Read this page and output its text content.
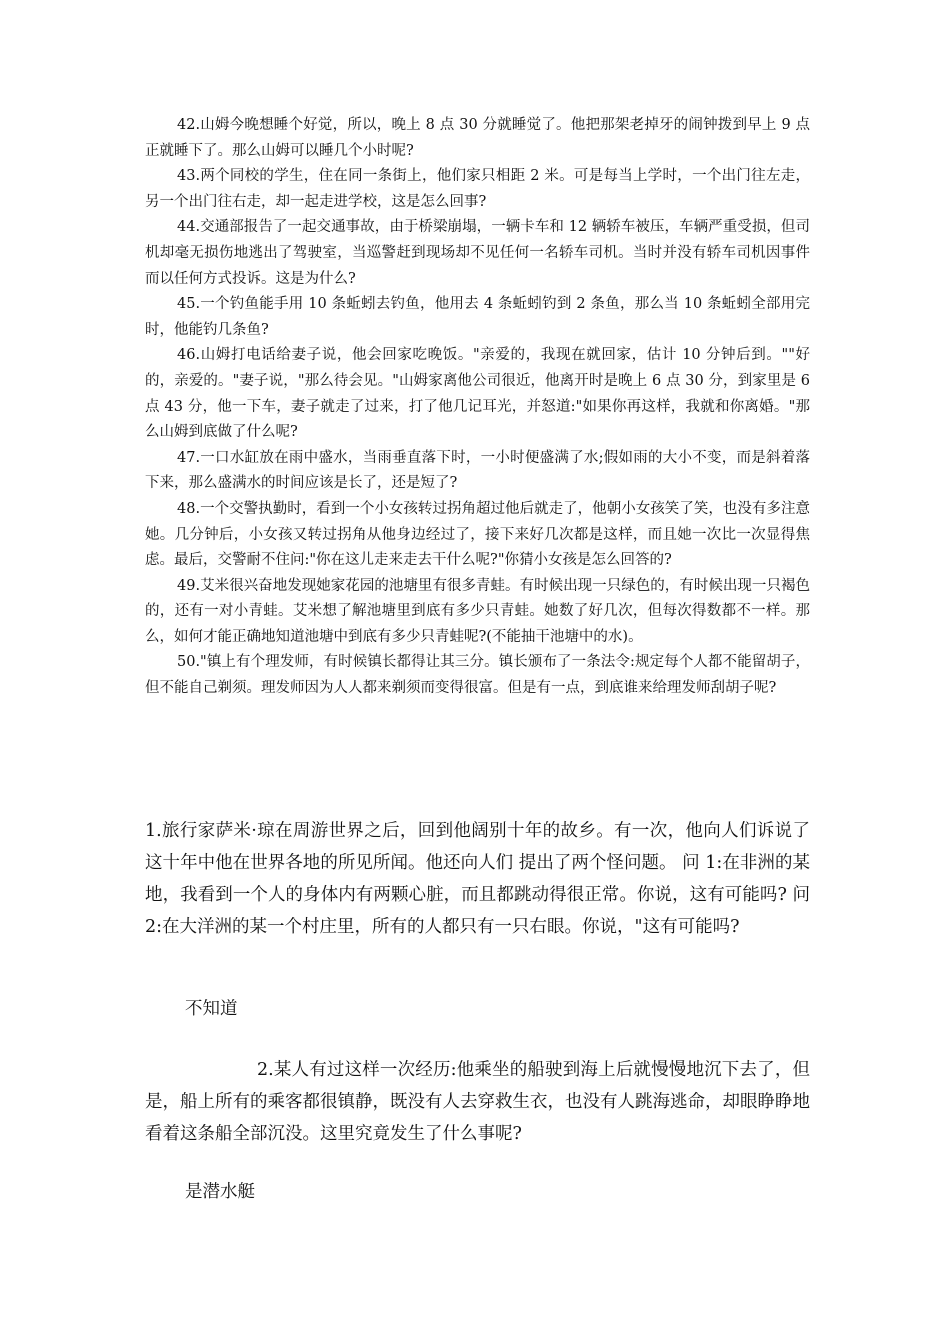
42.山姆今晚想睡个好觉，所以，晚上 8 点 30 分就睡觉了。他把那架老掉牙的闹钟拨到早上 9 点正就睡下了。那么山姆可以睡几个小时呢?

43.两个同校的学生，住在同一条街上，他们家只相距 2 米。可是每当上学时，一个出门往左走，另一个出门往右走，却一起走进学校，这是怎么回事?

44.交通部报告了一起交通事故，由于桥梁崩塌，一辆卡车和 12 辆轿车被压，车辆严重受损，但司机却毫无损伤地逃出了驾驶室，当巡警赶到现场却不见任何一名轿车司机。当时并没有轿车司机因事件而以任何方式投诉。这是为什么?

45.一个钓鱼能手用 10 条蚯蚓去钓鱼，他用去 4 条蚯蚓钓到 2 条鱼，那么当 10 条蚯蚓全部用完时，他能钓几条鱼?

46.山姆打电话给妻子说，他会回家吃晚饭。"亲爱的，我现在就回家，估计 10 分钟后到。""好的，亲爱的。"妻子说，"那么待会见。"山姆家离他公司很近，他离开时是晚上 6 点 30 分，到家里是 6 点 43 分，他一下车，妻子就走了过来，打了他几记耳光，并怒道:"如果你再这样，我就和你离婚。"那么山姆到底做了什么呢?

47.一口水缸放在雨中盛水，当雨垂直落下时，一小时便盛满了水;假如雨的大小不变，而是斜着落下来，那么盛满水的时间应该是长了，还是短了?

48.一个交警执勤时，看到一个小女孩转过拐角超过他后就走了，他朝小女孩笑了笑，也没有多注意她。几分钟后，小女孩又转过拐角从他身边经过了，接下来好几次都是这样，而且她一次比一次显得焦虑。最后，交警耐不住问:"你在这儿走来走去干什么呢?"你猜小女孩是怎么回答的?

49.艾米很兴奋地发现她家花园的池塘里有很多青蛙。有时候出现一只绿色的，有时候出现一只褐色的，还有一对小青蛙。艾米想了解池塘里到底有多少只青蛙。她数了好几次，但每次得数都不一样。那么，如何才能正确地知道池塘中到底有多少只青蛙呢?(不能抽干池塘中的水)。

50."镇上有个理发师，有时候镇长都得让其三分。镇长颁布了一条法令:规定每个人都不能留胡子，但不能自己剃须。理发师因为人人都来剃须而变得很富。但是有一点，到底谁来给理发师刮胡子呢?

1.旅行家萨米·琼在周游世界之后，回到他阔别十年的故乡。有一次，他向人们诉说了这十年中他在世界各地的所见所闻。他还向人们 提出了两个怪问题。 问 1:在非洲的某地，我看到一个人的身体内有两颗心脏，而且都跳动得很正常。你说，这有可能吗? 问 2:在大洋洲的某一个村庄里，所有的人都只有一只右眼。你说，"这有可能吗?

不知道

2.某人有过这样一次经历:他乘坐的船驶到海上后就慢慢地沉下去了，但是，船上所有的乘客都很镇静，既没有人去穿救生衣，也没有人跳海逃命，却眼睁睁地看着这条船全部沉没。这里究竟发生了什么事呢?

是潜水艇
